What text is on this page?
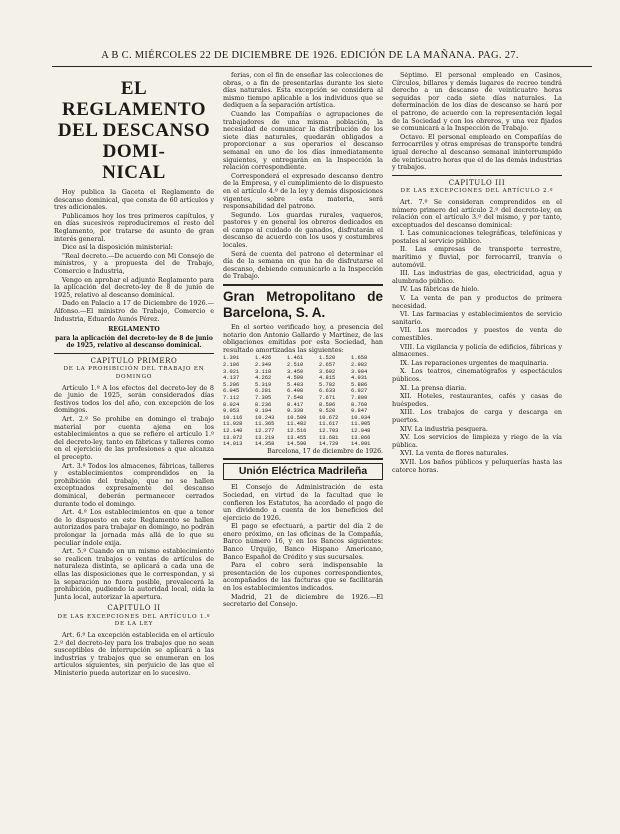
A B C. MIÉRCOLES 22 DE DICIEMBRE DE 1926. EDICIÓN DE LA MAÑANA. PAG. 27.
EL REGLAMENTO
DEL DESCANSO DOMI-
NICAL

Hoy publica la Gaceta el Reglamento de descanso dominical, que consta de 60 artículos y tres adicionales.

Publicamos hoy los tres primeros capítulos, y en días sucesivos reproduciremos el resto del Reglamento, por tratarse de asunto de gran interés general.

Dice así la disposición ministerial:

"Real decreto.—De acuerdo con Mi Consejo de ministros, y a propuesta del de Trabajo, Comercio e Industria,

Vengo en aprobar el adjunto Reglamento para la aplicación del decreto-ley de 8 de junio de 1925, relativo al descanso dominical.

Dado en Palacio a 17 de Diciembre de 1926.—Alfonso.—El ministro de Trabajo, Comercio e Industria, Eduardo Aunós Pérez.

REGLAMENTO
para la aplicación del decreto-ley de 8 de junio de 1925, relativo al descanso dominical.
CAPITULO PRIMERO
DE LA PROHIBICIÓN DEL TRABAJO EN DOMINGO

Artículo 1.º A los efectos del decreto-ley de 8 de junio de 1925, serán considerados días festivos todos los del año, con excepción de los domingos.

Art. 2.º Se prohibe en domingo el trabajo material por cuenta ajena en los establecimientos a que se refiere el artículo 1.º del decreto-ley, tanto en fábricas y talleres como en el ejercicio de las profesiones a que alcanza el precepto.

Art. 3.º Todos los almacenes, fábricas, talleres y establecimientos comprendidos en la prohibición del trabajo, que no se hallen exceptuados expresamente del descanso dominical, deberán permanecer cerrados durante todo el domingo.

Art. 4.º Los establecimientos en que a tenor de lo dispuesto en este Reglamento se hallen autorizados para trabajar en domingo, no podrán prolongar la jornada más allá de lo que su peculiar índole exija.

Art. 5.º Cuando en un mismo establecimiento se realicen trabajos o ventas de artículos de naturaleza distinta, se aplicará a cada una de ellas las disposiciones que le correspondan, y si la separación no fuera posible, prevalecerá la prohibición, pudiendo la autoridad local, oída la Junta local, autorizar la apertura.

CAPITULO II
DE LAS EXCEPCIONES DEL ARTÍCULO 1.º DE LA LEY

Art. 6.º La excepción establecida en el artículo 2.º del decreto-ley para los trabajos que no sean susceptibles de interrupción se aplicará a las industrias y trabajos que se enumeran en los artículos siguientes, sin perjuicio de las que el Ministerio pueda autorizar en lo sucesivo.

ferias, con el fin de enseñar las colecciones de obras, o a fin de presentarlas durante los siete días naturales. Esta excepción se considera al mismo tiempo aplicable a los individuos que se dediquen a la separación artística.

Cuando las Compañías o agrupaciones de trabajadores de una misma población, la necesidad de comunicar la distribución de los siete días naturales, quedarán obligados a proporcionar a sus operarios el descanso semanal en uno de los días inmediatamente siguientes, y entregarán en la Inspección la relación correspondiente.

Corresponderá el expresado descanso dentro de la Empresa, y el cumplimiento de lo dispuesto en el artículo 4.º de la ley y demás disposiciones vigentes, sobre esta materia, será responsabilidad del patrono.

Segundo. Los guardas rurales, vaqueros, pastores y en general los obreros dedicados en el campo al cuidado de ganados, disfrutarán el descanso de acuerdo con los usos y costumbres locales.

Será de cuenta del patrono el determinar el día de la semana en que ha de disfrutarse el descanso, debiendo comunicarlo a la Inspección de Trabajo.

Gran Metropolitano de Barcelona, S. A.

En el sorteo verificado hoy, a presencia del notario don Antonio Gallardo y Martínez, de las obligaciones emitidas por esta Sociedad, han resultado amortizadas las siguientes:

1.391	1.426	1.461	1.520	1.658
2.106	2.349	2.510	2.657	2.982
3.021	3.118	3.450	3.692	3.904
4.137	4.262	4.599	4.815	4.931
5.206	5.319	5.483	5.702	5.886
6.045	6.281	6.408	6.633	6.927
7.112	7.305	7.548	7.671	7.809
8.024	8.236	8.417	8.596	8.760
9.053	9.194	9.338	9.520	9.847
10.116	10.243	10.509	10.672	10.934
11.028	11.365	11.482	11.617	11.905
12.140	12.277	12.516	12.703	12.948
13.072	13.219	13.455	13.681	13.866
14.013	14.358	14.590	14.729	14.991
Barcelona, 17 de diciembre de 1926.
Unión Eléctrica Madrileña

El Consejo de Administración de esta Sociedad, en virtud de la facultad que le confieren los Estatutos, ha acordado el pago de un dividendo a cuenta de los beneficios del ejercicio de 1926.

El pago se efectuará, a partir del día 2 de enero próximo, en las oficinas de la Compañía, Barco número 16, y en los Bancos siguientes: Banco Urquijo, Banco Hispano Americano, Banco Español de Crédito y sus sucursales.

Para el cobro será indispensable la presentación de los cupones correspondientes, acompañados de las facturas que se facilitarán en los establecimientos indicados.

Madrid, 21 de diciembre de 1926.—El secretario del Consejo.

Séptimo. El personal empleado en Casinos, Círculos, billares y demás lugares de recreo tendrá derecho a un descanso de veinticuatro horas seguidas por cada siete días naturales. La determinación de los días de descanso se hará por el patrono, de acuerdo con la representación legal de la Sociedad y con los obreros, y una vez fijados se comunicará a la Inspección de Trabajo.

Octavo. El personal empleado en Compañías de ferrocarriles y otras empresas de transporte tendrá igual derecho al descanso semanal ininterrumpido de veinticuatro horas que el de las demás industrias y trabajos.

CAPITULO III
DE LAS EXCEPCIONES DEL ARTÍCULO 2.º

Art. 7.º Se consideran comprendidos en el número primero del artículo 2.º del decreto-ley, en relación con el artículo 3.º del mismo, y por tanto, exceptuados del descanso dominical:

I. Las comunicaciones telegráficas, telefónicas y postales al servicio público.

II. Las empresas de transporte terrestre, marítimo y fluvial, por ferrocarril, tranvía o automóvil.

III. Las industrias de gas, electricidad, agua y alumbrado público.

IV. Las fábricas de hielo.

V. La venta de pan y productos de primera necesidad.

VI. Las farmacias y establecimientos de servicio sanitario.

VII. Los mercados y puestos de venta de comestibles.

VIII. La vigilancia y policía de edificios, fábricas y almacenes.

IX. Las reparaciones urgentes de maquinaria.

X. Los teatros, cinematógrafos y espectáculos públicos.

XI. La prensa diaria.

XII. Hoteles, restaurantes, cafés y casas de huéspedes.

XIII. Los trabajos de carga y descarga en puertos.

XIV. La industria pesquera.

XV. Los servicios de limpieza y riego de la vía pública.

XVI. La venta de flores naturales.

XVII. Los baños públicos y peluquerías hasta las catorce horas.
